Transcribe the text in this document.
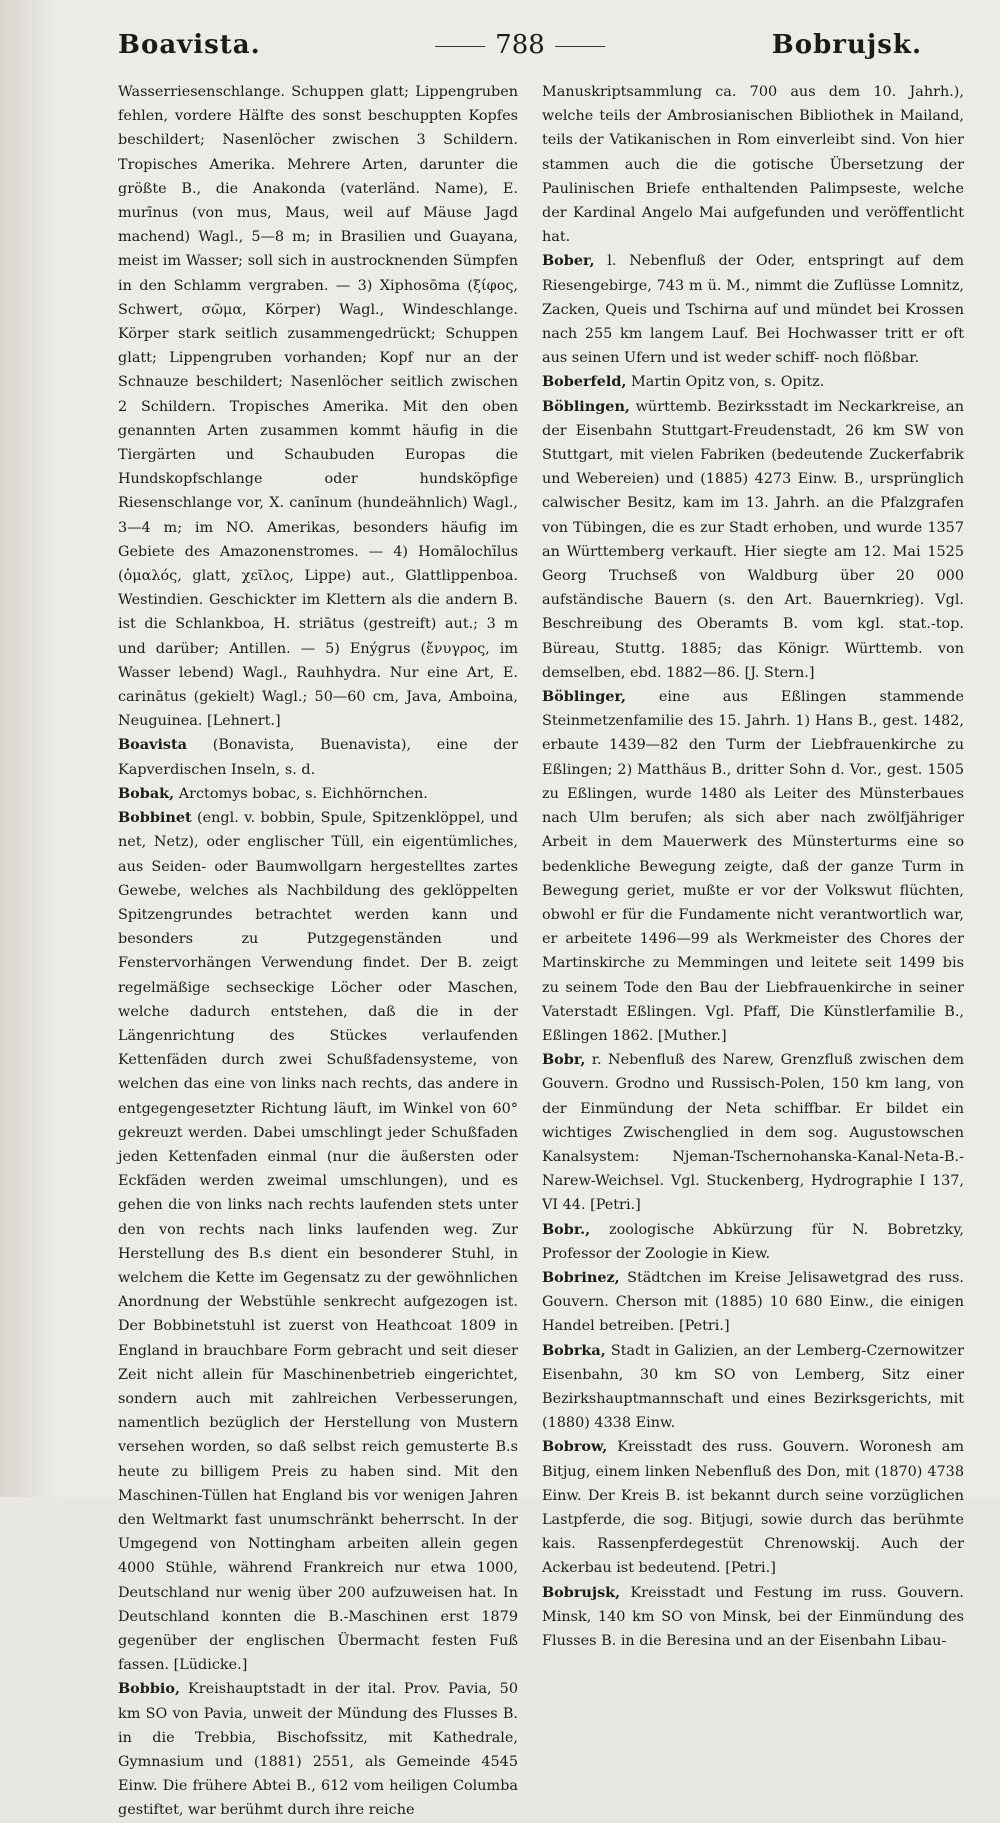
Boavista.	788	Bobrujsk.

Wasserriesenschlange. Schuppen glatt; Lippengruben fehlen, vordere Hälfte des sonst beschuppten Kopfes beschildert; Nasenlöcher zwischen 3 Schildern. Tropisches Amerika. Mehrere Arten, darunter die größte B., die Anakonda (vaterländ. Name), E. murīnus (von mus, Maus, weil auf Mäuse Jagd machend) Wagl., 5—8 m; in Brasilien und Guayana, meist im Wasser; soll sich in austrocknenden Sümpfen in den Schlamm vergraben. — 3) Xiphosōma (ξίφος, Schwert, σῶμα, Körper) Wagl., Windeschlange. Körper stark seitlich zusammengedrückt; Schuppen glatt; Lippengruben vorhanden; Kopf nur an der Schnauze beschildert; Nasenlöcher seitlich zwischen 2 Schildern. Tropisches Amerika. Mit den oben genannten Arten zusammen kommt häufig in die Tiergärten und Schaubuden Europas die Hundskopfschlange oder hundsköpfige Riesenschlange vor, X. canīnum (hundeähnlich) Wagl., 3—4 m; im NO. Amerikas, besonders häufig im Gebiete des Amazonenstromes. — 4) Homālochīlus (ὁμαλός, glatt, χεῖλος, Lippe) aut., Glattlippenboa. Westindien. Geschickter im Klettern als die andern B. ist die Schlankboa, H. striātus (gestreift) aut.; 3 m und darüber; Antillen. — 5) Enýgrus (ἔνυγρος, im Wasser lebend) Wagl., Rauhhydra. Nur eine Art, E. carinātus (gekielt) Wagl.; 50—60 cm, Java, Amboina, Neuguinea. [Lehnert.]

Boavista (Bonavista, Buenavista), eine der Kapverdischen Inseln, s. d.

Bobak, Arctomys bobac, s. Eichhörnchen.

Bobbinet (engl. v. bobbin, Spule, Spitzenklöppel, und net, Netz), oder englischer Tüll, ein eigentümliches, aus Seiden- oder Baumwollgarn hergestelltes zartes Gewebe, welches als Nachbildung des geklöppelten Spitzengrundes betrachtet werden kann und besonders zu Putzgegenständen und Fenstervorhängen Verwendung findet. Der B. zeigt regelmäßige sechseckige Löcher oder Maschen, welche dadurch entstehen, daß die in der Längenrichtung des Stückes verlaufenden Kettenfäden durch zwei Schußfadensysteme, von welchen das eine von links nach rechts, das andere in entgegengesetzter Richtung läuft, im Winkel von 60° gekreuzt werden. Dabei umschlingt jeder Schußfaden jeden Kettenfaden einmal (nur die äußersten oder Eckfäden werden zweimal umschlungen), und es gehen die von links nach rechts laufenden stets unter den von rechts nach links laufenden weg. Zur Herstellung des B.s dient ein besonderer Stuhl, in welchem die Kette im Gegensatz zu der gewöhnlichen Anordnung der Webstühle senkrecht aufgezogen ist. Der Bobbinetstuhl ist zuerst von Heathcoat 1809 in England in brauchbare Form gebracht und seit dieser Zeit nicht allein für Maschinenbetrieb eingerichtet, sondern auch mit zahlreichen Verbesserungen, namentlich bezüglich der Herstellung von Mustern versehen worden, so daß selbst reich gemusterte B.s heute zu billigem Preis zu haben sind. Mit den Maschinen-Tüllen hat England bis vor wenigen Jahren den Weltmarkt fast unumschränkt beherrscht. In der Umgegend von Nottingham arbeiten allein gegen 4000 Stühle, während Frankreich nur etwa 1000, Deutschland nur wenig über 200 aufzuweisen hat. In Deutschland konnten die B.-Maschinen erst 1879 gegenüber der englischen Übermacht festen Fuß fassen. [Lüdicke.]

Bobbio, Kreishauptstadt in der ital. Prov. Pavia, 50 km SO von Pavia, unweit der Mündung des Flusses B. in die Trebbia, Bischofssitz, mit Kathedrale, Gymnasium und (1881) 2551, als Gemeinde 4545 Einw. Die frühere Abtei B., 612 vom heiligen Columba gestiftet, war berühmt durch ihre reiche

Manuskriptsammlung ca. 700 aus dem 10. Jahrh.), welche teils der Ambrosianischen Bibliothek in Mailand, teils der Vatikanischen in Rom einverleibt sind. Von hier stammen auch die die gotische Übersetzung der Paulinischen Briefe enthaltenden Palimpseste, welche der Kardinal Angelo Mai aufgefunden und veröffentlicht hat.

Bober, l. Nebenfluß der Oder, entspringt auf dem Riesengebirge, 743 m ü. M., nimmt die Zuflüsse Lomnitz, Zacken, Queis und Tschirna auf und mündet bei Krossen nach 255 km langem Lauf. Bei Hochwasser tritt er oft aus seinen Ufern und ist weder schiff- noch flößbar.

Boberfeld, Martin Opitz von, s. Opitz.

Böblingen, württemb. Bezirksstadt im Neckarkreise, an der Eisenbahn Stuttgart-Freudenstadt, 26 km SW von Stuttgart, mit vielen Fabriken (bedeutende Zuckerfabrik und Webereien) und (1885) 4273 Einw. B., ursprünglich calwischer Besitz, kam im 13. Jahrh. an die Pfalzgrafen von Tübingen, die es zur Stadt erhoben, und wurde 1357 an Württemberg verkauft. Hier siegte am 12. Mai 1525 Georg Truchseß von Waldburg über 20 000 aufständische Bauern (s. den Art. Bauernkrieg). Vgl. Beschreibung des Oberamts B. vom kgl. stat.-top. Büreau, Stuttg. 1885; das Königr. Württemb. von demselben, ebd. 1882—86. [J. Stern.]

Böblinger, eine aus Eßlingen stammende Steinmetzenfamilie des 15. Jahrh. 1) Hans B., gest. 1482, erbaute 1439—82 den Turm der Liebfrauenkirche zu Eßlingen; 2) Matthäus B., dritter Sohn d. Vor., gest. 1505 zu Eßlingen, wurde 1480 als Leiter des Münsterbaues nach Ulm berufen; als sich aber nach zwölfjähriger Arbeit in dem Mauerwerk des Münsterturms eine so bedenkliche Bewegung zeigte, daß der ganze Turm in Bewegung geriet, mußte er vor der Volkswut flüchten, obwohl er für die Fundamente nicht verantwortlich war, er arbeitete 1496—99 als Werkmeister des Chores der Martinskirche zu Memmingen und leitete seit 1499 bis zu seinem Tode den Bau der Liebfrauenkirche in seiner Vaterstadt Eßlingen. Vgl. Pfaff, Die Künstlerfamilie B., Eßlingen 1862. [Muther.]

Bobr, r. Nebenfluß des Narew, Grenzfluß zwischen dem Gouvern. Grodno und Russisch-Polen, 150 km lang, von der Einmündung der Neta schiffbar. Er bildet ein wichtiges Zwischenglied in dem sog. Augustowschen Kanalsystem: Njeman-Tschernohanska-Kanal-Neta-B.-Narew-Weichsel. Vgl. Stuckenberg, Hydrographie I 137, VI 44. [Petri.]

Bobr., zoologische Abkürzung für N. Bobretzky, Professor der Zoologie in Kiew.

Bobrinez, Städtchen im Kreise Jelisawetgrad des russ. Gouvern. Cherson mit (1885) 10 680 Einw., die einigen Handel betreiben. [Petri.]

Bobrka, Stadt in Galizien, an der Lemberg-Czernowitzer Eisenbahn, 30 km SO von Lemberg, Sitz einer Bezirkshauptmannschaft und eines Bezirksgerichts, mit (1880) 4338 Einw.

Bobrow, Kreisstadt des russ. Gouvern. Woronesh am Bitjug, einem linken Nebenfluß des Don, mit (1870) 4738 Einw. Der Kreis B. ist bekannt durch seine vorzüglichen Lastpferde, die sog. Bitjugi, sowie durch das berühmte kais. Rassenpferdegestüt Chrenowskij. Auch der Ackerbau ist bedeutend. [Petri.]

Bobrujsk, Kreisstadt und Festung im russ. Gouvern. Minsk, 140 km SO von Minsk, bei der Einmündung des Flusses B. in die Beresina und an der Eisenbahn Libau-
